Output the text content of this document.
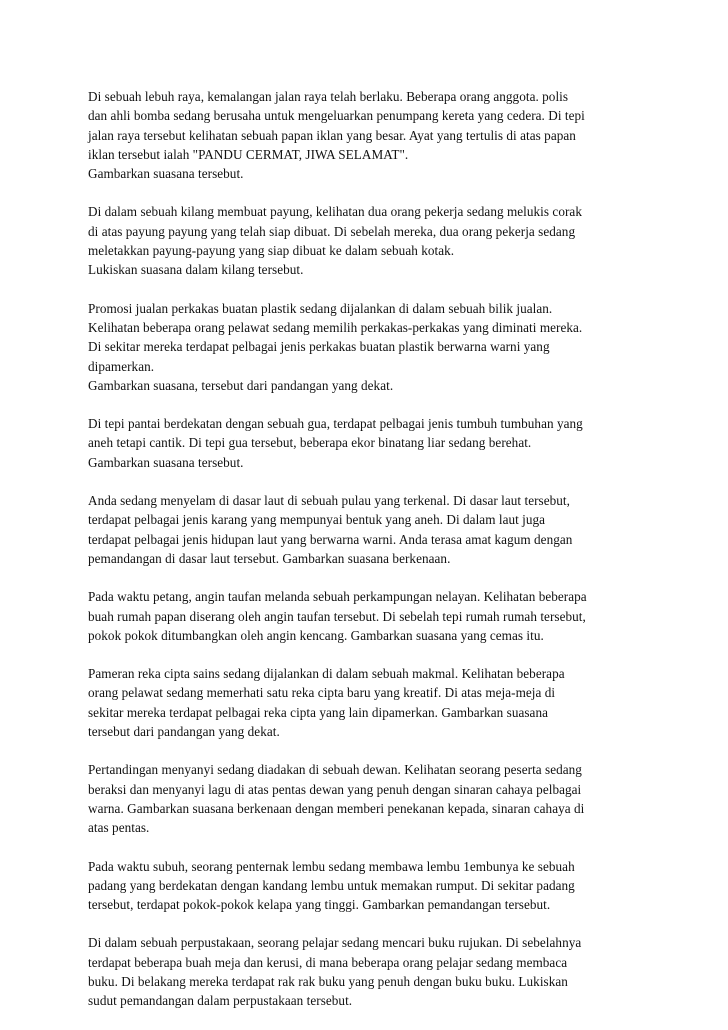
Di sebuah lebuh raya, kemalangan jalan raya telah berlaku. Beberapa orang anggota. polis
dan ahli bomba sedang berusaha untuk mengeluarkan penumpang kereta yang cedera. Di tepi
jalan raya tersebut kelihatan sebuah papan iklan yang besar. Ayat yang tertulis di atas papan
iklan tersebut ialah "PANDU CERMAT, JIWA SELAMAT".
Gambarkan suasana tersebut.
Di dalam sebuah kilang membuat payung, kelihatan dua orang pekerja sedang melukis corak
di atas payung payung yang telah siap dibuat. Di sebelah mereka, dua orang pekerja sedang
meletakkan payung-payung yang siap dibuat ke dalam sebuah kotak.
Lukiskan suasana dalam kilang tersebut.
Promosi jualan perkakas buatan plastik sedang dijalankan di dalam sebuah bilik jualan.
Kelihatan beberapa orang pelawat sedang memilih perkakas-perkakas yang diminati mereka.
Di sekitar mereka terdapat pelbagai jenis perkakas buatan plastik berwarna warni yang
dipamerkan.
Gambarkan suasana, tersebut dari pandangan yang dekat.
Di tepi pantai berdekatan dengan sebuah gua, terdapat pelbagai jenis tumbuh tumbuhan yang
aneh tetapi cantik. Di tepi gua tersebut, beberapa ekor binatang liar sedang berehat.
Gambarkan suasana tersebut.
Anda sedang menyelam di dasar laut di sebuah pulau yang terkenal. Di dasar laut tersebut,
terdapat pelbagai jenis karang yang mempunyai bentuk yang aneh. Di dalam laut juga
terdapat pelbagai jenis hidupan laut yang berwarna warni. Anda terasa amat kagum dengan
pemandangan di dasar laut tersebut. Gambarkan suasana berkenaan.
Pada waktu petang, angin taufan melanda sebuah perkampungan nelayan. Kelihatan beberapa
buah rumah papan diserang oleh angin taufan tersebut. Di sebelah tepi rumah rumah tersebut,
pokok pokok ditumbangkan oleh angin kencang. Gambarkan suasana yang cemas itu.
Pameran reka cipta sains sedang dijalankan di dalam sebuah makmal. Kelihatan beberapa
orang pelawat sedang memerhati satu reka cipta baru yang kreatif. Di atas meja-meja di
sekitar mereka terdapat pelbagai reka cipta yang lain dipamerkan. Gambarkan suasana
tersebut dari pandangan yang dekat.
Pertandingan menyanyi sedang diadakan di sebuah dewan. Kelihatan seorang peserta sedang
beraksi dan menyanyi lagu di atas pentas dewan yang penuh dengan sinaran cahaya pelbagai
warna. Gambarkan suasana berkenaan dengan memberi penekanan kepada, sinaran cahaya di
atas pentas.
Pada waktu subuh, seorang penternak lembu sedang membawa lembu 1embunya ke sebuah
padang yang berdekatan dengan kandang lembu untuk memakan rumput. Di sekitar padang
tersebut, terdapat pokok-pokok kelapa yang tinggi. Gambarkan pemandangan tersebut.
Di dalam sebuah perpustakaan, seorang pelajar sedang mencari buku rujukan. Di sebelahnya
terdapat beberapa buah meja dan kerusi, di mana beberapa orang pelajar sedang membaca
buku. Di belakang mereka terdapat rak rak buku yang penuh dengan buku buku. Lukiskan
sudut pemandangan dalam perpustakaan tersebut.
